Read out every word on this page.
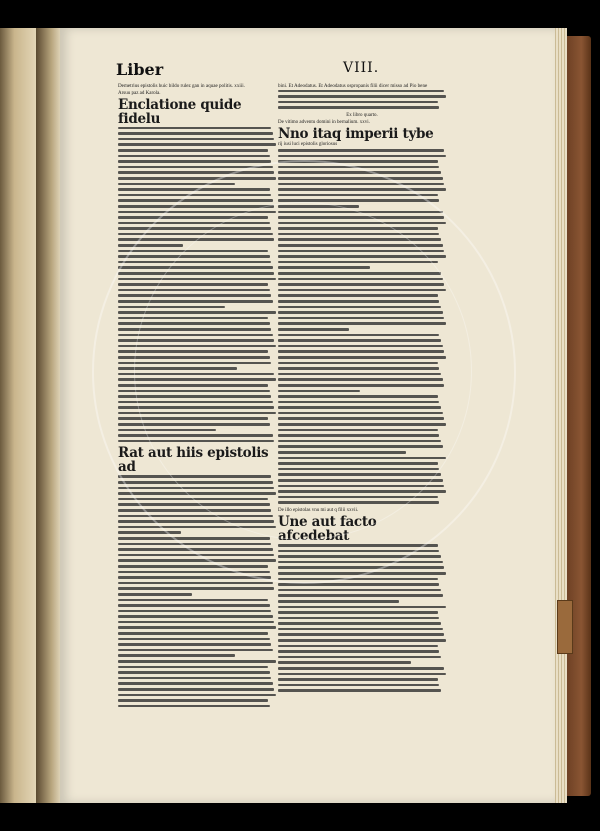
Liber	VIII.
Demetrius epistolis huic bildo rulez gan in aquae politis. xxiii.
Arsuu paz ad Karola.
Enclatione quide fidelu
Rat aut hiis epistolis ad
bini. Et Adeodatus. Et Adeodatus ospropanis filii dicer misso ad Pio bene
Ex libro quarto.
De vitimo adventu domini in bernalium. xxvi.
Nno itaq imperii tybe
rij iusi luci epistolis gloriosus
De illo epistolas vnu mi aut q filii xxvii.
Une aut facto afcedebat
